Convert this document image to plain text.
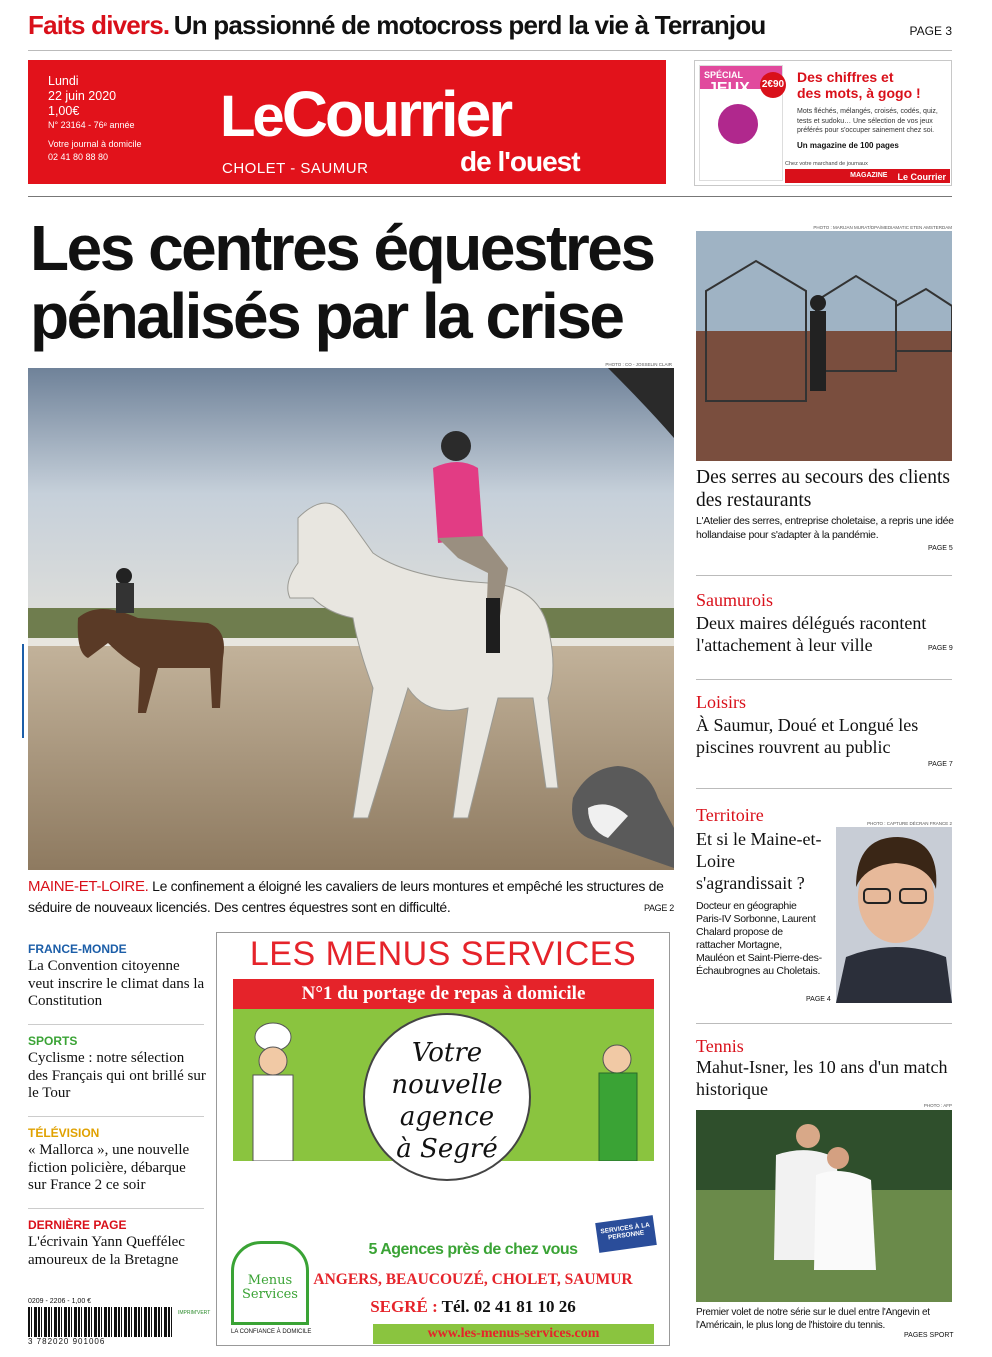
Faits divers. Un passionné de motocross perd la vie à Terranjou	PAGE 3
Lundi
22 juin 2020
1,00€
N° 23164 - 76ᵉ année
Votre journal à domicile
02 41 80 88 80
LeCourrier
CHOLET - SAUMUR	de l'ouest
SPÉCIAL
JEUX 2€90 Des chiffres et
des mots, à gogo !
Mots fléchés, mélangés, croisés, codés, quiz, tests et sudoku… Une sélection de vos jeux préférés pour s'occuper sainement chez soi.
Un magazine de 100 pages
Chez votre marchand de journaux
Le Courrier
MAGAZINE
Les centres équestres
pénalisés par la crise
PHOTO : CO - JOSSELIN CLAIR
MAINE-ET-LOIRE. Le confinement a éloigné les cavaliers de leurs montures et empêché les structures de séduire de nouveaux licenciés. Des centres équestres sont en difficulté.	PAGE 2
FRANCE-MONDE
La Convention citoyenne veut inscrire le climat dans la Constitution
SPORTS
Cyclisme : notre sélection des Français qui ont brillé sur le Tour
TÉLÉVISION
« Mallorca », une nouvelle fiction policière, débarque sur France 2 ce soir
DERNIÈRE PAGE
L'écrivain Yann Queffélec amoureux de la Bretagne
0209 - 2206 - 1,00 €
3 782020 901006
IMPRIM'VERT
LES MENUS SERVICES
N°1 du portage de repas à domicile
Votre
nouvelle
agence
à Segré
SERVICES À LA PERSONNE
Menus
Services
LA CONFIANCE À DOMICILE
5 Agences près de chez vous
ANGERS, BEAUCOUZÉ, CHOLET, SAUMUR
SEGRÉ : Tél. 02 41 81 10 26
www.les-menus-services.com
PHOTO : MARIJAN MURAT/DPA/MEDIAMATIC ETEN AMSTERDAM
Des serres au secours des clients des restaurants
L'Atelier des serres, entreprise choletaise, a repris une idée hollandaise pour s'adapter à la pandémie.
PAGE 5
Saumurois
Deux maires délégués racontent l'attachement à leur ville	PAGE 9
Loisirs
À Saumur, Doué et Longué les piscines rouvrent au public
PAGE 7
Territoire	PHOTO : CAPTURE DÉCRAN FRANCE 2
Et si le Maine-et-Loire s'agrandissait ?
Docteur en géographie Paris-IV Sorbonne, Laurent Chalard propose de rattacher Mortagne, Mauléon et Saint-Pierre-des-Échaubrognes au Choletais.
PAGE 4
Tennis
Mahut-Isner, les 10 ans d'un match historique
PHOTO : AFP
Premier volet de notre série sur le duel entre l'Angevin et l'Américain, le plus long de l'histoire du tennis.
PAGES SPORT
